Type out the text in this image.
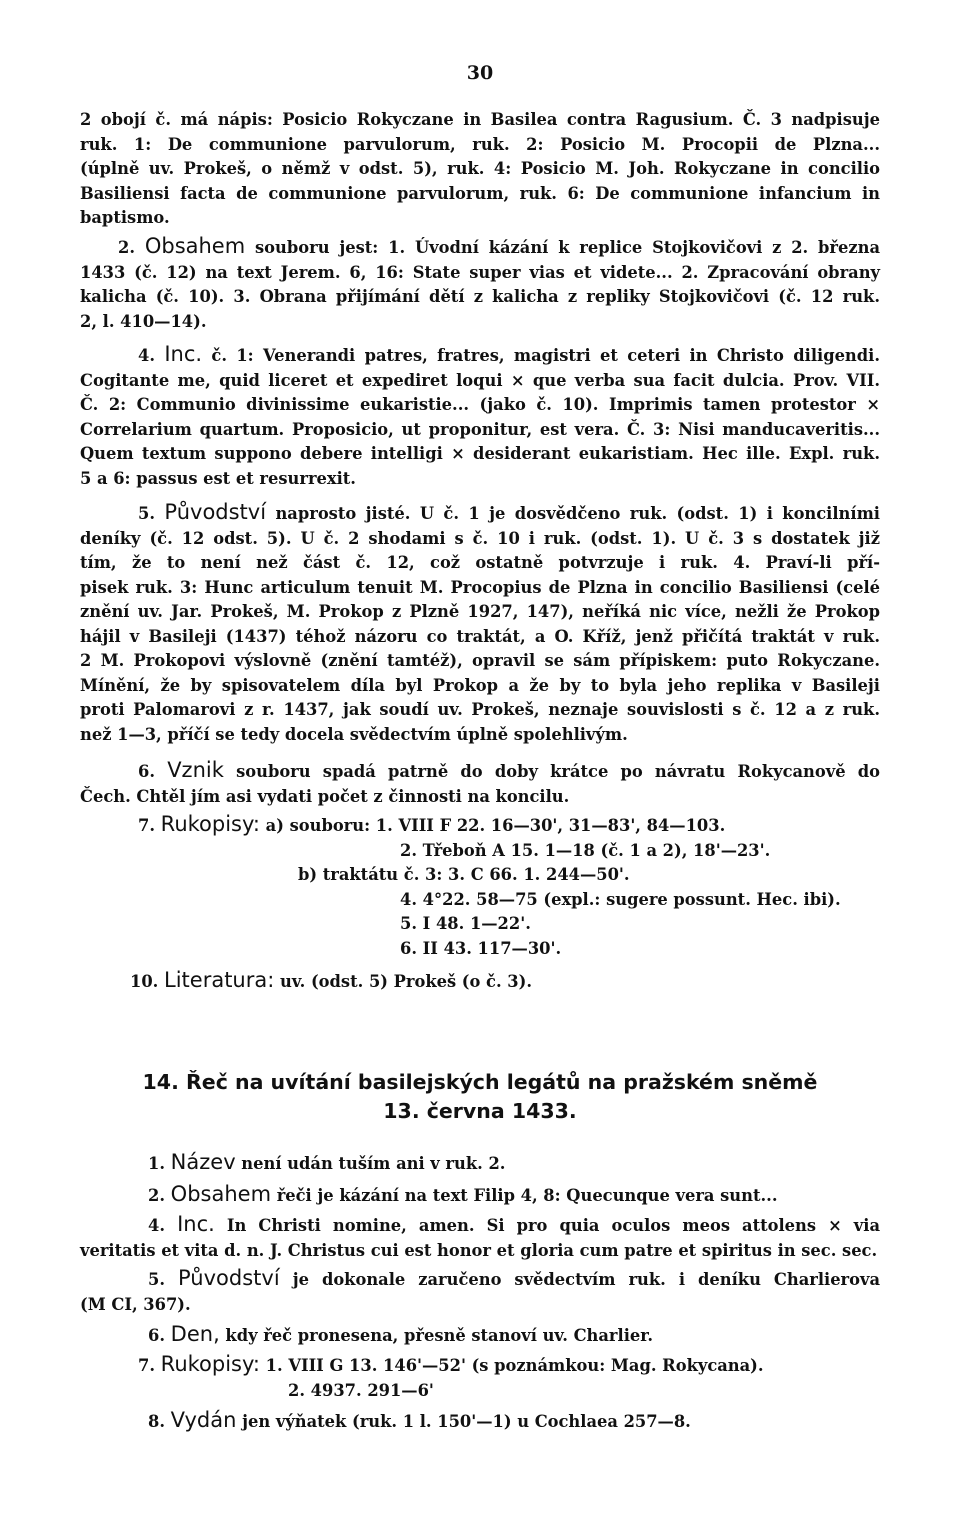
30
2 obojí č. má nápis: Posicio Rokyczane in Basilea contra Ragusium. Č. 3 nadpisuje
ruk. 1: De communione parvulorum, ruk. 2: Posicio M. Procopii de Plzna...
(úplně uv. Prokeš, o němž v odst. 5), ruk. 4: Posicio M. Joh. Rokyczane in concilio
Basiliensi facta de communione parvulorum, ruk. 6: De communione infancium in
baptismo.
2. Obsahem souboru jest: 1. Úvodní kázání k replice Stojkovičovi z 2. března
1433 (č. 12) na text Jerem. 6, 16: State super vias et videte... 2. Zpracování obrany
kalicha (č. 10). 3. Obrana přijímání dětí z kalicha z repliky Stojkovičovi (č. 12 ruk.
2, l. 410—14).
4. Inc. č. 1: Venerandi patres, fratres, magistri et ceteri in Christo diligendi.
Cogitante me, quid liceret et expediret loqui × que verba sua facit dulcia. Prov. VII.
Č. 2: Communio divinissime eukaristie... (jako č. 10). Imprimis tamen protestor ×
Correlarium quartum. Proposicio, ut proponitur, est vera. Č. 3: Nisi manducaveritis...
Quem textum suppono debere intelligi × desiderant eukaristiam. Hec ille. Expl. ruk.
5 a 6: passus est et resurrexit.
5. Původství naprosto jisté. U č. 1 je dosvědčeno ruk. (odst. 1) i koncilními
deníky (č. 12 odst. 5). U č. 2 shodami s č. 10 i ruk. (odst. 1). U č. 3 s dostatek již
tím, že to není než část č. 12, což ostatně potvrzuje i ruk. 4. Praví-li pří-
pisek ruk. 3: Hunc articulum tenuit M. Procopius de Plzna in concilio Basiliensi (celé
znění uv. Jar. Prokeš, M. Prokop z Plzně 1927, 147), neříká nic více, nežli že Prokop
hájil v Basileji (1437) téhož názoru co traktát, a O. Kříž, jenž přičítá traktát v ruk.
2 M. Prokopovi výslovně (znění tamtéž), opravil se sám přípiskem: puto Rokyczane.
Mínění, že by spisovatelem díla byl Prokop a že by to byla jeho replika v Basileji
proti Palomarovi z r. 1437, jak soudí uv. Prokeš, neznaje souvislosti s č. 12 a z ruk.
než 1—3, příčí se tedy docela svědectvím úplně spolehlivým.
6. Vznik souboru spadá patrně do doby krátce po návratu Rokycanově do
Čech. Chtěl jím asi vydati počet z činnosti na koncilu.
7. Rukopisy: a) souboru: 1. VIII F 22. 16—30', 31—83', 84—103.
2. Třeboň A 15. 1—18 (č. 1 a 2), 18'—23'.
b) traktátu č. 3: 3. C 66. 1. 244—50'.
4. 4°22. 58—75 (expl.: sugere possunt. Hec. ibi).
5. I 48. 1—22'.
6. II 43. 117—30'.
10. Literatura: uv. (odst. 5) Prokeš (o č. 3).
14. Řeč na uvítání basilejských legátů na pražském sněmě
13. června 1433.
1. Název není udán tuším ani v ruk. 2.
2. Obsahem řeči je kázání na text Filip 4, 8: Quecunque vera sunt...
4. Inc. In Christi nomine, amen. Si pro quia oculos meos attolens × via
veritatis et vita d. n. J. Christus cui est honor et gloria cum patre et spiritus in sec. sec.
5. Původství je dokonale zaručeno svědectvím ruk. i deníku Charlierova
(M CI, 367).
6. Den, kdy řeč pronesena, přesně stanoví uv. Charlier.
7. Rukopisy: 1. VIII G 13. 146'—52' (s poznámkou: Mag. Rokycana).
2. 4937. 291—6'
8. Vydán jen výňatek (ruk. 1 l. 150'—1) u Cochlaea 257—8.
